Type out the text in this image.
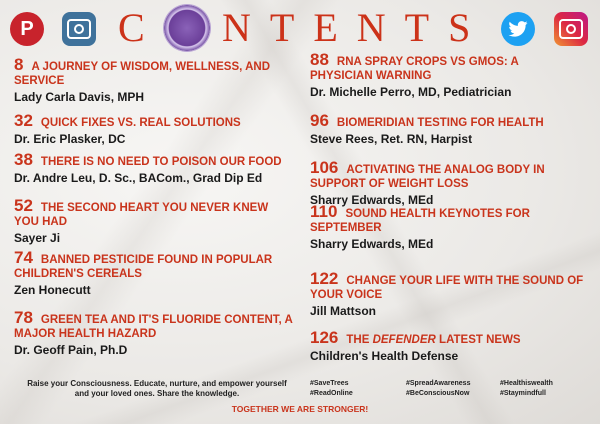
P C NTENTS
8 A JOURNEY OF WISDOM, WELLNESS, AND SERVICE
Lady Carla Davis, MPH
32 QUICK FIXES VS. REAL SOLUTIONS
Dr. Eric Plasker, DC
38 THERE IS NO NEED TO POISON OUR FOOD
Dr. Andre Leu, D. Sc., BACom., Grad Dip Ed
52 THE SECOND HEART YOU NEVER KNEW YOU HAD
Sayer Ji
74 BANNED PESTICIDE FOUND IN POPULAR CHILDREN'S CEREALS
Zen Honecutt
78 GREEN TEA AND IT'S FLUORIDE CONTENT, A MAJOR HEALTH HAZARD
Dr. Geoff Pain, Ph.D
88 RNA SPRAY CROPS VS GMOS: A PHYSICIAN WARNING
Dr. Michelle Perro, MD, Pediatrician
96 BIOMERIDIAN TESTING FOR HEALTH
Steve Rees, Ret. RN, Harpist
106 ACTIVATING THE ANALOG BODY IN SUPPORT OF WEIGHT LOSS
Sharry Edwards, MEd
110 SOUND HEALTH KEYNOTES FOR SEPTEMBER
Sharry Edwards, MEd
122 CHANGE YOUR LIFE WITH THE SOUND OF YOUR VOICE
Jill Mattson
126 THE DEFENDER LATEST NEWS
Children's Health Defense
Raise your Consciousness. Educate, nurture, and empower yourself and your loved ones. Share the knowledge.
#SaveTrees
#ReadOnline
#SpreadAwareness
#BeConsciousNow
#Healthiswealth
#Staymindfull
TOGETHER WE ARE STRONGER!
